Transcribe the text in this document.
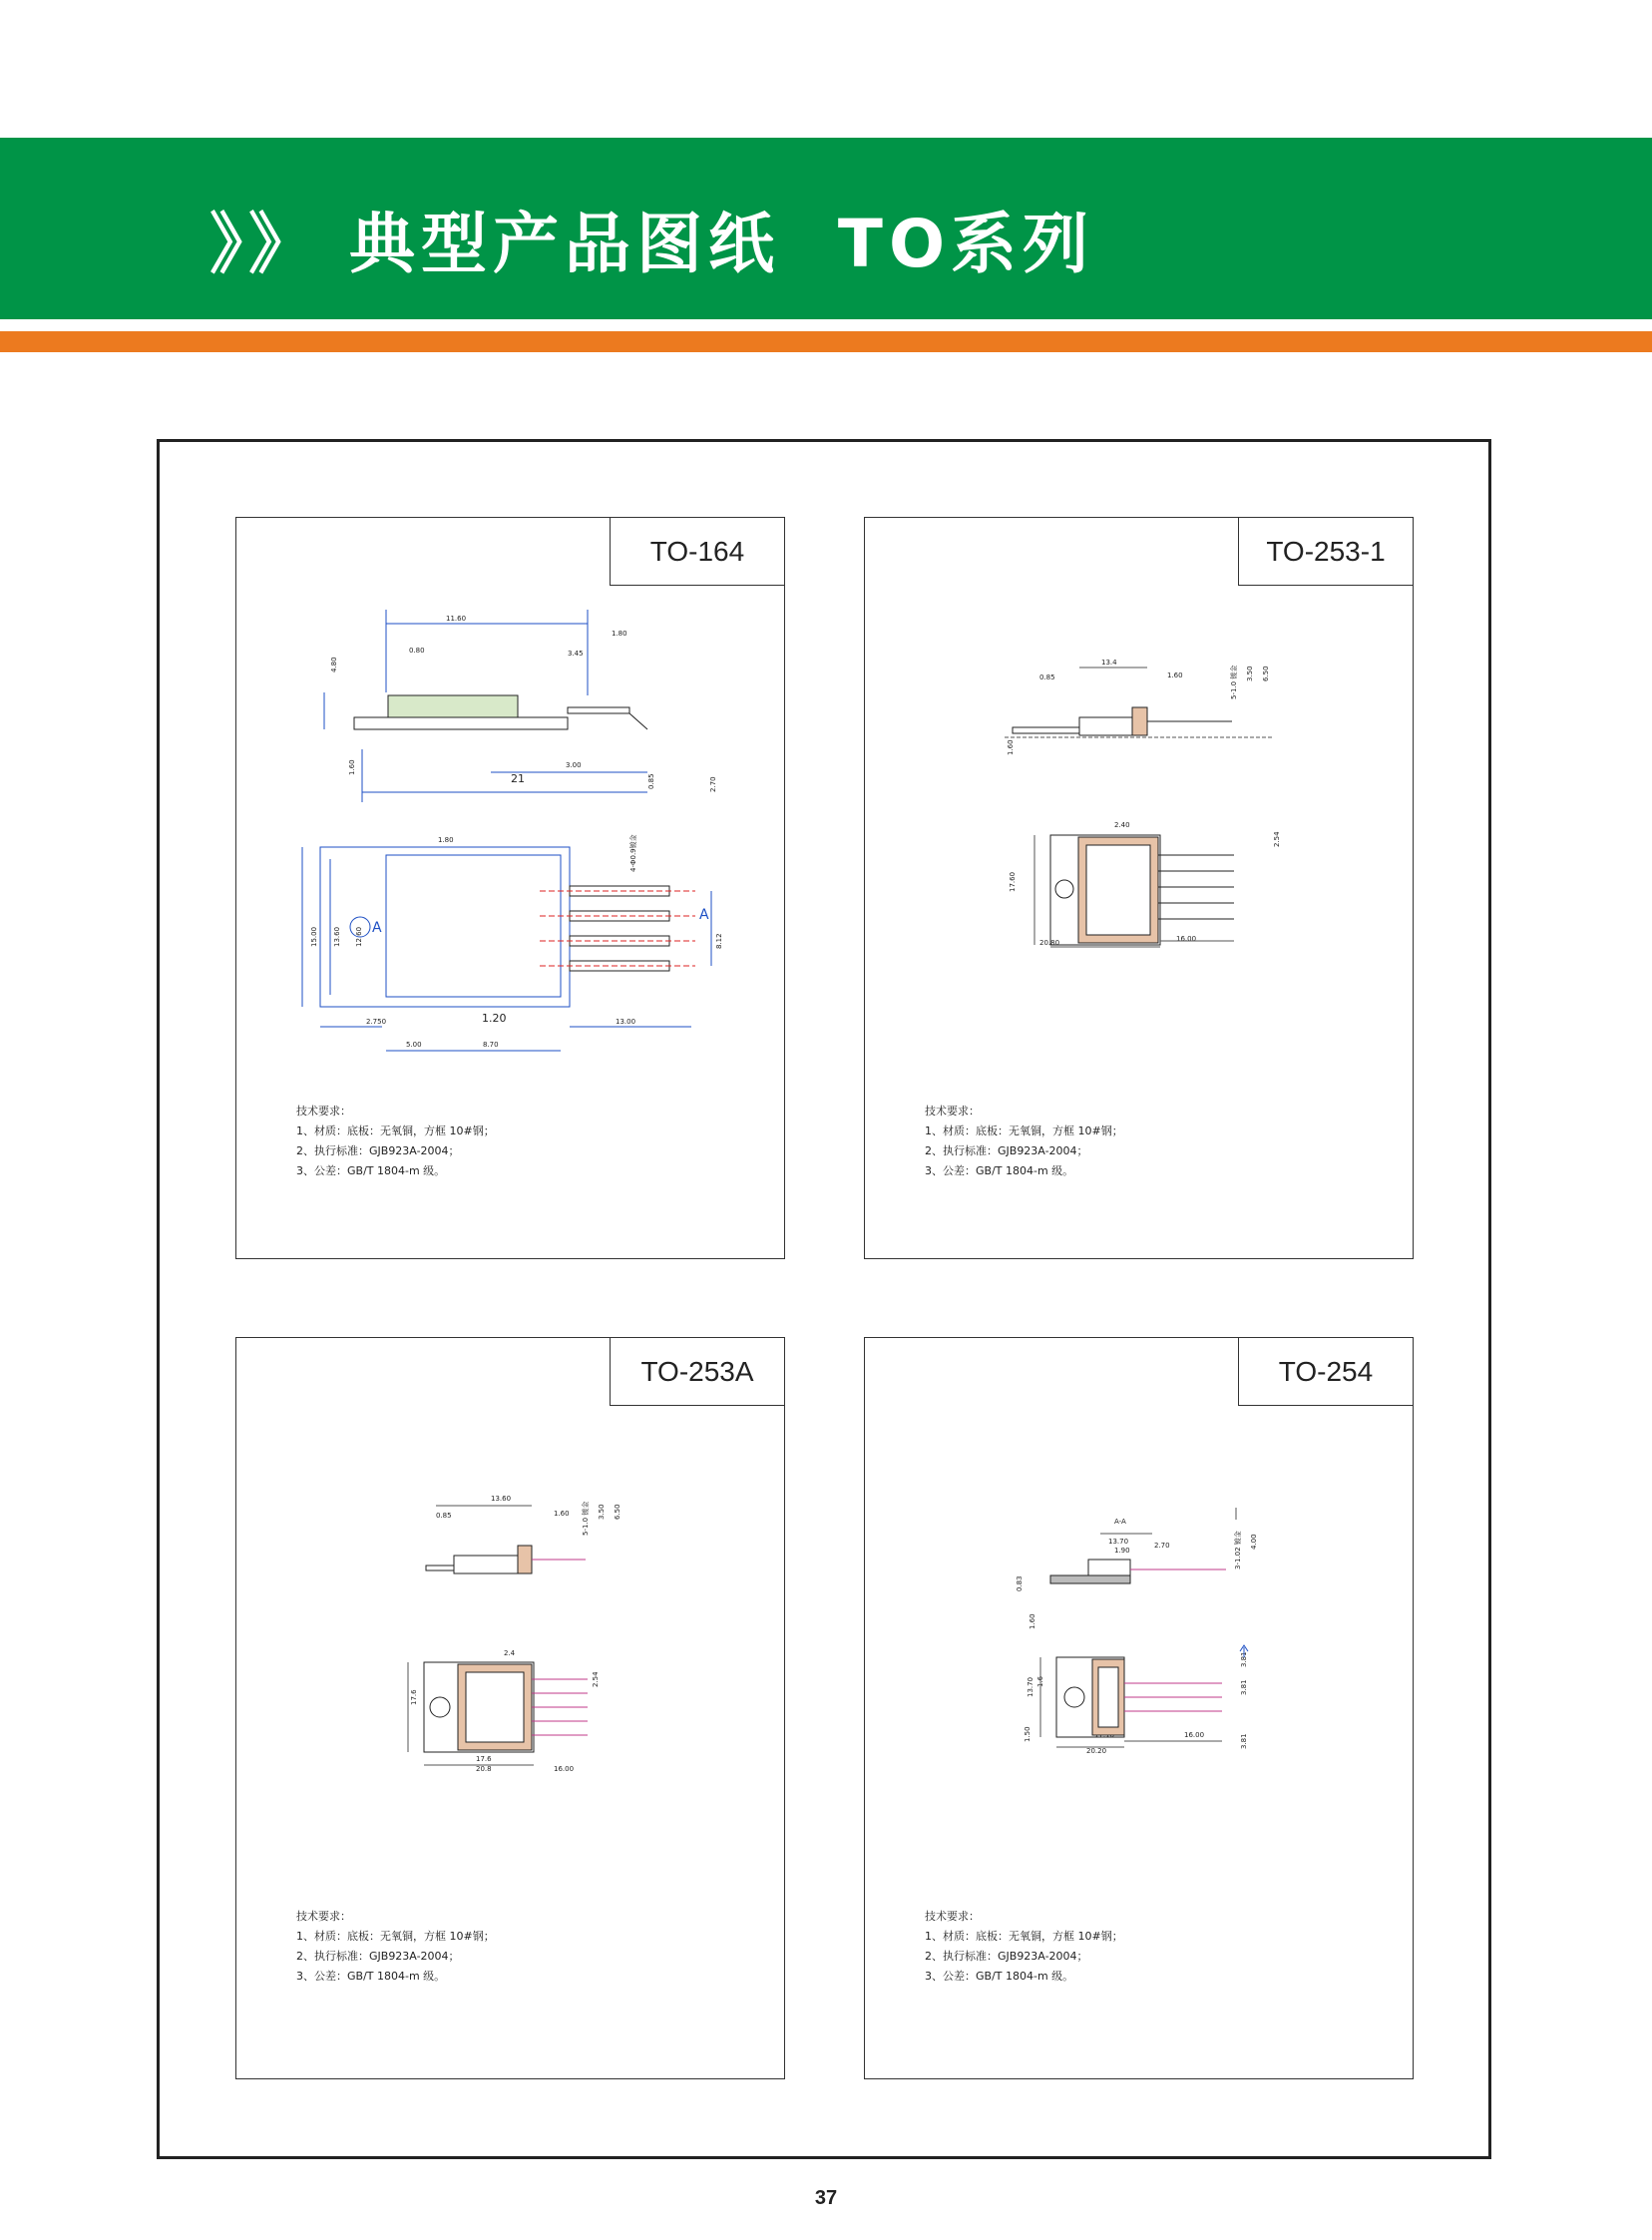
》》 典型产品图纸  TO系列
TO-164
11.60
1.80
0.80	3.45
4.80
1.60
21
3.00
0.85	2.70
1.80	4-Φ0.9镀金
15.00 13.60 12.60 A
A
8.12
2.750	1.20	13.00
5.00	8.70
技术要求：
1、材质：底板：无氧铜，方框 10#钢；
2、执行标准：GJB923A-2004；
3、公差：GB/T 1804-m 级。
TO-253-1
13.4
0.85	1.60	5-1.0 镀金 3.50 6.50
1.60
2.40
2.54
17.60
20.80	16.00
技术要求：
1、材质：底板：无氧铜，方框 10#钢；
2、执行标准：GJB923A-2004；
3、公差：GB/T 1804-m 级。
TO-253A
13.60
0.85	1.60 5-1.0 镀金 3.50 6.50
2.4
17.6
2.54
17.6
20.8	16.00
技术要求：
1、材质：底板：无氧铜，方框 10#钢；
2、执行标准：GJB923A-2004；
3、公差：GB/T 1804-m 级。
TO-254
A-A
13.70
1.90
2.70	3-1.02 镀金 4.00
0.83
1.60
3.81
13.70 1.6	3.81
16.00
20.20
3.81
1.50
技术要求：
1、材质：底板：无氧铜，方框 10#钢；
2、执行标准：GJB923A-2004；
3、公差：GB/T 1804-m 级。
37
